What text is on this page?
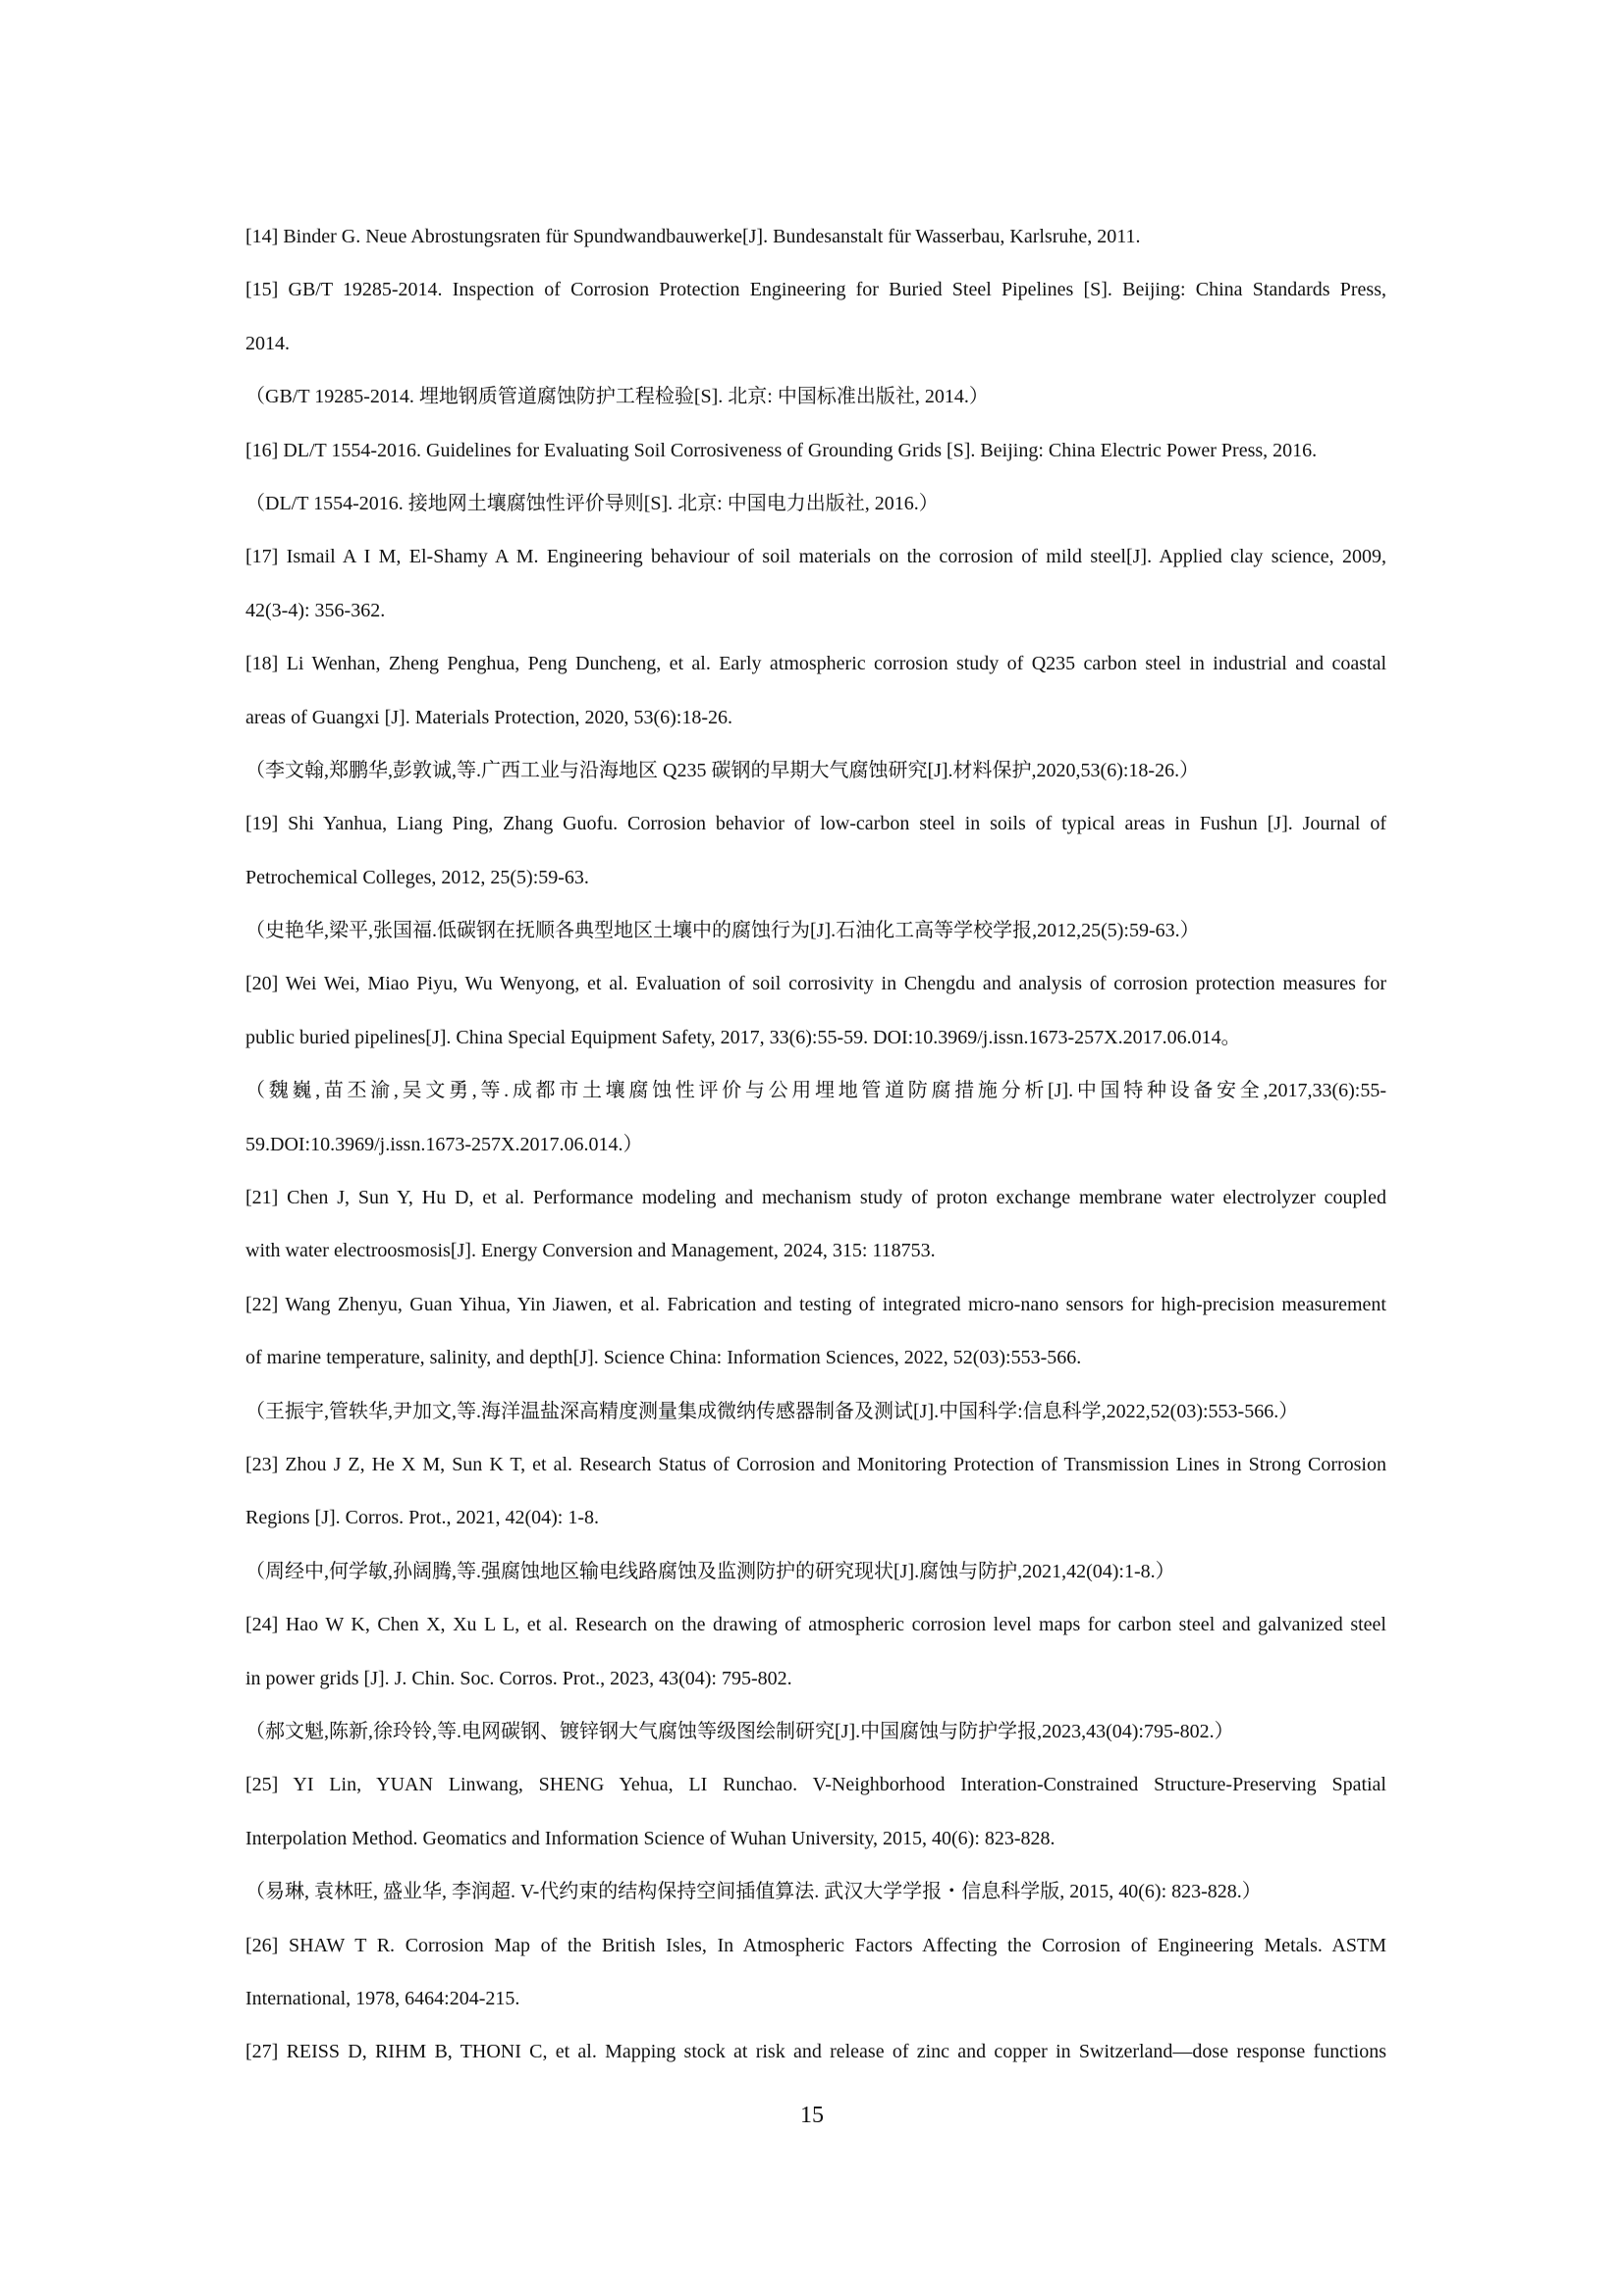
[14] Binder G. Neue Abrostungsraten für Spundwandbauwerke[J]. Bundesanstalt für Wasserbau, Karlsruhe, 2011.
[15] GB/T 19285-2014. Inspection of Corrosion Protection Engineering for Buried Steel Pipelines [S]. Beijing: China Standards Press,
2014.
（GB/T 19285-2014. 埋地钢质管道腐蚀防护工程检验[S]. 北京: 中国标准出版社, 2014.）
[16] DL/T 1554-2016. Guidelines for Evaluating Soil Corrosiveness of Grounding Grids [S]. Beijing: China Electric Power Press, 2016.
（DL/T 1554-2016. 接地网土壤腐蚀性评价导则[S]. 北京: 中国电力出版社, 2016.）
[17] Ismail A I M, El-Shamy A M. Engineering behaviour of soil materials on the corrosion of mild steel[J]. Applied clay science, 2009,
42(3-4): 356-362.
[18] Li Wenhan, Zheng Penghua, Peng Duncheng, et al. Early atmospheric corrosion study of Q235 carbon steel in industrial and coastal
areas of Guangxi [J]. Materials Protection, 2020, 53(6):18-26.
（李文翰,郑鹏华,彭敦诚,等.广西工业与沿海地区 Q235 碳钢的早期大气腐蚀研究[J].材料保护,2020,53(6):18-26.）
[19] Shi Yanhua, Liang Ping, Zhang Guofu. Corrosion behavior of low-carbon steel in soils of typical areas in Fushun [J]. Journal of
Petrochemical Colleges, 2012, 25(5):59-63.
（史艳华,梁平,张国福.低碳钢在抚顺各典型地区土壤中的腐蚀行为[J].石油化工高等学校学报,2012,25(5):59-63.）
[20] Wei Wei, Miao Piyu, Wu Wenyong, et al. Evaluation of soil corrosivity in Chengdu and analysis of corrosion protection measures for
public buried pipelines[J]. China Special Equipment Safety, 2017, 33(6):55-59. DOI:10.3969/j.issn.1673-257X.2017.06.014。
（魏巍,苗丕渝,吴文勇,等.成都市土壤腐蚀性评价与公用埋地管道防腐措施分析[J].中国特种设备安全,2017,33(6):55-
59.DOI:10.3969/j.issn.1673-257X.2017.06.014.）
[21] Chen J, Sun Y, Hu D, et al. Performance modeling and mechanism study of proton exchange membrane water electrolyzer coupled
with water electroosmosis[J]. Energy Conversion and Management, 2024, 315: 118753.
[22] Wang Zhenyu, Guan Yihua, Yin Jiawen, et al. Fabrication and testing of integrated micro-nano sensors for high-precision measurement
of marine temperature, salinity, and depth[J]. Science China: Information Sciences, 2022, 52(03):553-566.
（王振宇,管轶华,尹加文,等.海洋温盐深高精度测量集成微纳传感器制备及测试[J].中国科学:信息科学,2022,52(03):553-566.）
[23] Zhou J Z, He X M, Sun K T, et al. Research Status of Corrosion and Monitoring Protection of Transmission Lines in Strong Corrosion
Regions [J]. Corros. Prot., 2021, 42(04): 1-8.
（周经中,何学敏,孙阔腾,等.强腐蚀地区输电线路腐蚀及监测防护的研究现状[J].腐蚀与防护,2021,42(04):1-8.）
[24] Hao W K, Chen X, Xu L L, et al. Research on the drawing of atmospheric corrosion level maps for carbon steel and galvanized steel
in power grids [J]. J. Chin. Soc. Corros. Prot., 2023, 43(04): 795-802.
（郝文魁,陈新,徐玲铃,等.电网碳钢、镀锌钢大气腐蚀等级图绘制研究[J].中国腐蚀与防护学报,2023,43(04):795-802.）
[25] YI Lin, YUAN Linwang, SHENG Yehua, LI Runchao. V-Neighborhood Interation-Constrained Structure-Preserving Spatial
Interpolation Method. Geomatics and Information Science of Wuhan University, 2015, 40(6): 823-828.
（易琳, 袁林旺, 盛业华, 李润超. V-代约束的结构保持空间插值算法. 武汉大学学报・信息科学版, 2015, 40(6): 823-828.）
[26] SHAW T R. Corrosion Map of the British Isles, In Atmospheric Factors Affecting the Corrosion of Engineering Metals. ASTM
International, 1978, 6464:204-215.
[27] REISS D, RIHM B, THONI C, et al. Mapping stock at risk and release of zinc and copper in Switzerland—dose response functions
15
